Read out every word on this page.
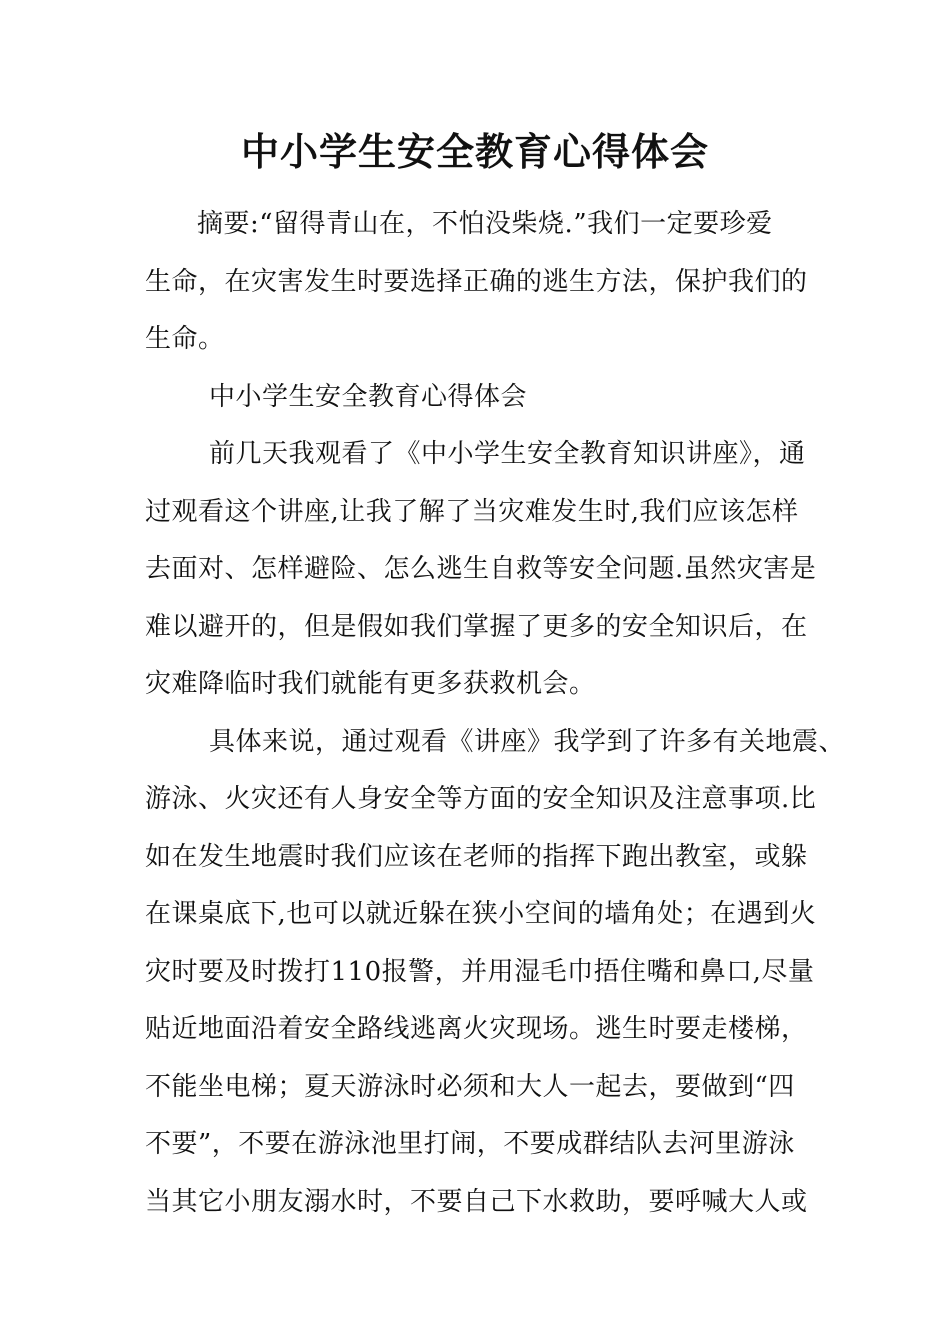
中小学生安全教育心得体会
摘要:“留得青山在，不怕没柴烧.”我们一定要珍爱
生命，在灾害发生时要选择正确的逃生方法，保护我们的
生命。
中小学生安全教育心得体会
前几天我观看了《中小学生安全教育知识讲座》，通
过观看这个讲座,让我了解了当灾难发生时,我们应该怎样
去面对、怎样避险、怎么逃生自救等安全问题.虽然灾害是
难以避开的，但是假如我们掌握了更多的安全知识后，在
灾难降临时我们就能有更多获救机会。
具体来说，通过观看《讲座》我学到了许多有关地震、
游泳、火灾还有人身安全等方面的安全知识及注意事项.比
如在发生地震时我们应该在老师的指挥下跑出教室，或躲
在课桌底下,也可以就近躲在狭小空间的墙角处；在遇到火
灾时要及时拨打110报警，并用湿毛巾捂住嘴和鼻口,尽量
贴近地面沿着安全路线逃离火灾现场。逃生时要走楼梯，
不能坐电梯；夏天游泳时必须和大人一起去，要做到“四
不要”，不要在游泳池里打闹，不要成群结队去河里游泳
当其它小朋友溺水时，不要自己下水救助，要呼喊大人或
